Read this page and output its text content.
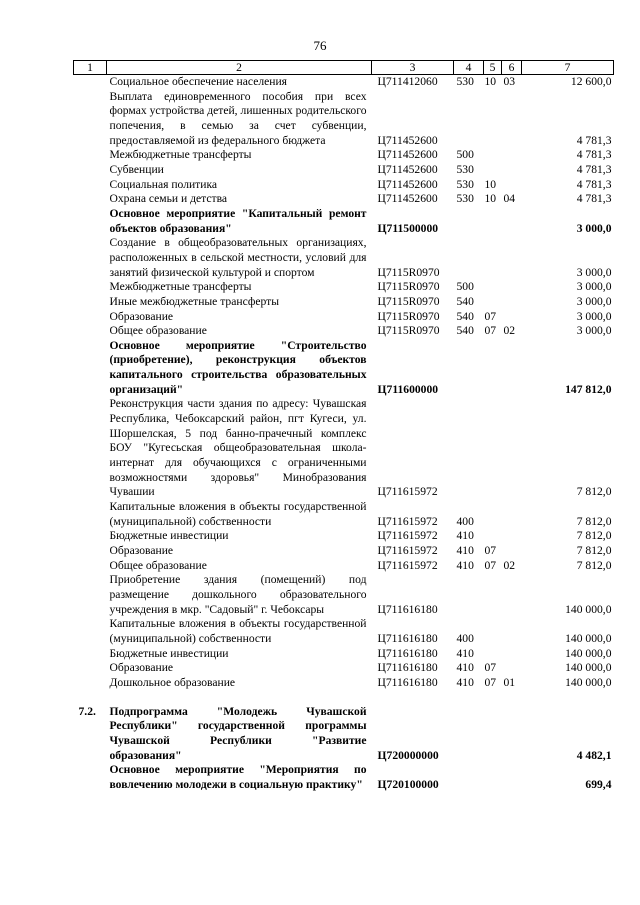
76
1	2	3	4	5	6	7
	Социальное обеспечение населения	Ц711412060	530	10	03	12 600,0
	Выплата единовременного пособия при всех формах устройства детей, лишенных родительского попечения, в семью за счет субвенции, предоставляемой из федерального бюджета	Ц711452600				4 781,3
	Межбюджетные трансферты	Ц711452600	500			4 781,3
	Субвенции	Ц711452600	530			4 781,3
	Социальная политика	Ц711452600	530	10		4 781,3
	Охрана семьи и детства	Ц711452600	530	10	04	4 781,3
	Основное мероприятие "Капитальный ремонт объектов образования"	Ц711500000				3 000,0
	Создание в общеобразовательных организациях, расположенных в сельской местности, условий для занятий физической культурой и спортом	Ц7115R0970				3 000,0
	Межбюджетные трансферты	Ц7115R0970	500			3 000,0
	Иные межбюджетные трансферты	Ц7115R0970	540			3 000,0
	Образование	Ц7115R0970	540	07		3 000,0
	Общее образование	Ц7115R0970	540	07	02	3 000,0
	Основное мероприятие "Строительство (приобретение), реконструкция объектов капитального строительства образовательных организаций"	Ц711600000				147 812,0
	Реконструкция части здания по адресу: Чувашская Республика, Чебоксарский район, пгт Кугеси, ул. Шоршелская, 5 под банно-прачечный комплекс БОУ "Кугесьская общеобразовательная школа-интернат для обучающихся с ограниченными возможностями здоровья" Минобразования Чувашии	Ц711615972				7 812,0
	Капитальные вложения в объекты государственной (муниципальной) собственности	Ц711615972	400			7 812,0
	Бюджетные инвестиции	Ц711615972	410			7 812,0
	Образование	Ц711615972	410	07		7 812,0
	Общее образование	Ц711615972	410	07	02	7 812,0
	Приобретение здания (помещений) под размещение дошкольного образовательного учреждения в мкр. "Садовый" г. Чебоксары	Ц711616180				140 000,0
	Капитальные вложения в объекты государственной (муниципальной) собственности	Ц711616180	400			140 000,0
	Бюджетные инвестиции	Ц711616180	410			140 000,0
	Образование	Ц711616180	410	07		140 000,0
	Дошкольное образование	Ц711616180	410	07	01	140 000,0

7.2.	Подпрограмма "Молодежь Чувашской Республики" государственной программы Чувашской Республики "Развитие образования"	Ц720000000				4 482,1
	Основное мероприятие "Мероприятия по вовлечению молодежи в социальную практику"	Ц720100000				699,4
